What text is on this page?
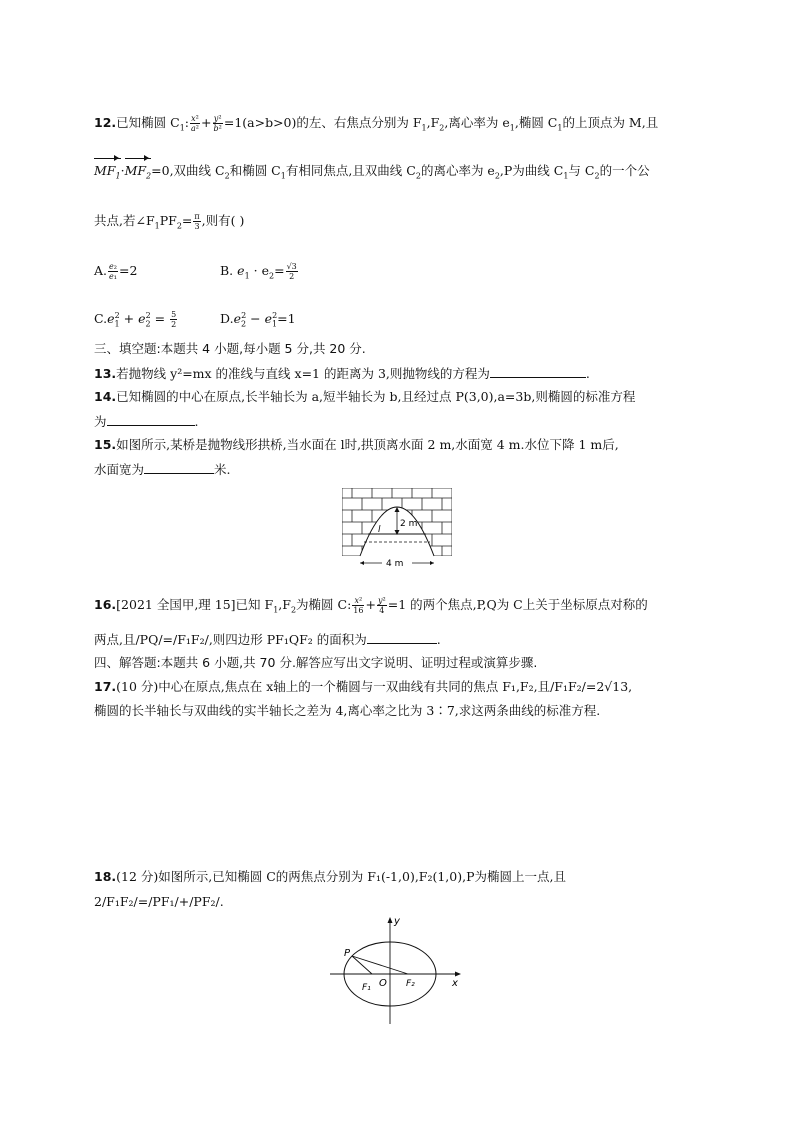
12.已知椭圆 $C_1$: $\frac{\text{x²}}{\text{a²}} + \frac{\text{y²}}{\text{b²}} =1(a>b>0)$的左、右焦点分别为 $F_1,F_2$,离心率为 $e_1$,椭圆 $C_1$的上顶点为 M,且
$MF_1\cdot MF_2=0$,双曲线 $C_2$和椭圆 $C_1$有相同焦点,且双曲线 $C_2$的离心率为 $e_2,P$为曲线 $C_1$与 $C_2$的一个公
共点,若$\angle F_1PF_2= \frac{\pi}{3}$ ,则有( )
A. $\frac{\text{e₂}}{\text{e₁}} =2$	B. $e_1 \cdot e_2= \frac{√3}{2}$
$C.e_1^2 + e_2^2 = \frac{5}{2}$	$D.e_2^2 - e_1^2=1$
三、填空题:本题共 4 小题,每小题 5 分,共 20 分.
13.若抛物线 y²=mx 的准线与直线 x=1 的距离为 3,则抛物线的方程为	.
14.已知椭圆的中心在原点,长半轴长为 a,短半轴长为 b,且经过点 P(3,0),a=3b,则椭圆的标准方程
为	.
15.如图所示,某桥是抛物线形拱桥,当水面在 l时,拱顶离水面 2 m,水面宽 4 m.水位下降 1 m后,
水面宽为	米.
2 m
l
4 m
16.[2021 全国甲,理 15]已知 $F_1,F_2$为椭圆 C: $\frac{\text{x²}}{16} + \frac{\text{y²}}{4} =1$ 的两个焦点,P,Q为 C上关于坐标原点对称的
两点,且/PQ/=/F₁F₂/,则四边形 PF₁QF₂ 的面积为	.
四、解答题:本题共 6 小题,共 70 分.解答应写出文字说明、证明过程或演算步骤.
17.(10 分)中心在原点,焦点在 x轴上的一个椭圆与一双曲线有共同的焦点 F₁,F₂,且/F₁F₂/=2√13,
椭圆的长半轴长与双曲线的实半轴长之差为 4,离心率之比为 3∶7,求这两条曲线的标准方程.
18.(12 分)如图所示,已知椭圆 C的两焦点分别为 F₁(-1,0),F₂(1,0),P为椭圆上一点,且
2/F₁F₂/=/PF₁/+/PF₂/.
P
O
F₁	F₂	x
y
